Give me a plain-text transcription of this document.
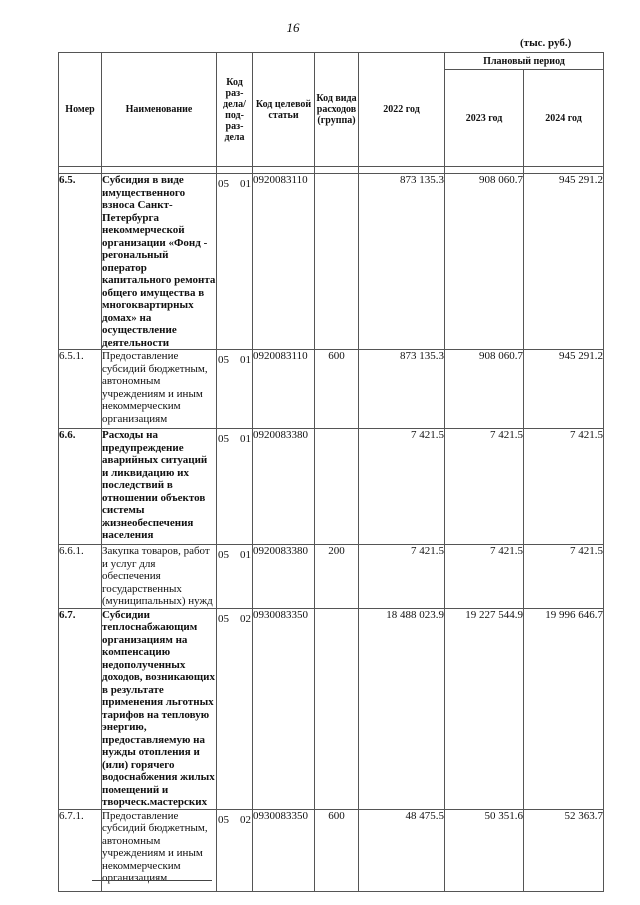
16
(тыс. руб.)
Номер	Наименование	Код раз-дела/ под-раз-дела	Код целевой статьи	Код вида расходов (группа)	2022 год	Плановый период	
						2023 год	2024 год

6.5.	Субсидия в виде имущественного взноса Санкт-Петербурга некоммерческой организации «Фонд - регональный оператор капитального ремонта общего имущества в многоквартирных домах» на осуществление деятельности	05 01	0920083110		873 135.3	908 060.7	945 291.2
6.5.1.	Предоставление субсидий бюджетным, автономным учреждениям и иным некоммерческим организациям	05 01	0920083110	600	873 135.3	908 060.7	945 291.2
6.6.	Расходы на предупреждение аварийных ситуаций и ликвидацию их последствий в отношении объектов системы жизнеобеспечения населения	05 01	0920083380		7 421.5	7 421.5	7 421.5
6.6.1.	Закупка товаров, работ и услуг для обеспечения государственных (муниципальных) нужд	05 01	0920083380	200	7 421.5	7 421.5	7 421.5
6.7.	Субсидии теплоснабжающим организациям на компенсацию недополученных доходов, возникающих в результате применения льготных тарифов на тепловую энергию, предоставляемую на нужды отопления и (или) горячего водоснабжения жилых помещений и творческ.мастерских	05 02	0930083350		18 488 023.9	19 227 544.9	19 996 646.7
6.7.1.	Предоставление субсидий бюджетным, автономным учреждениям и иным некоммерческим организациям	05 02	0930083350	600	48 475.5	50 351.6	52 363.7
